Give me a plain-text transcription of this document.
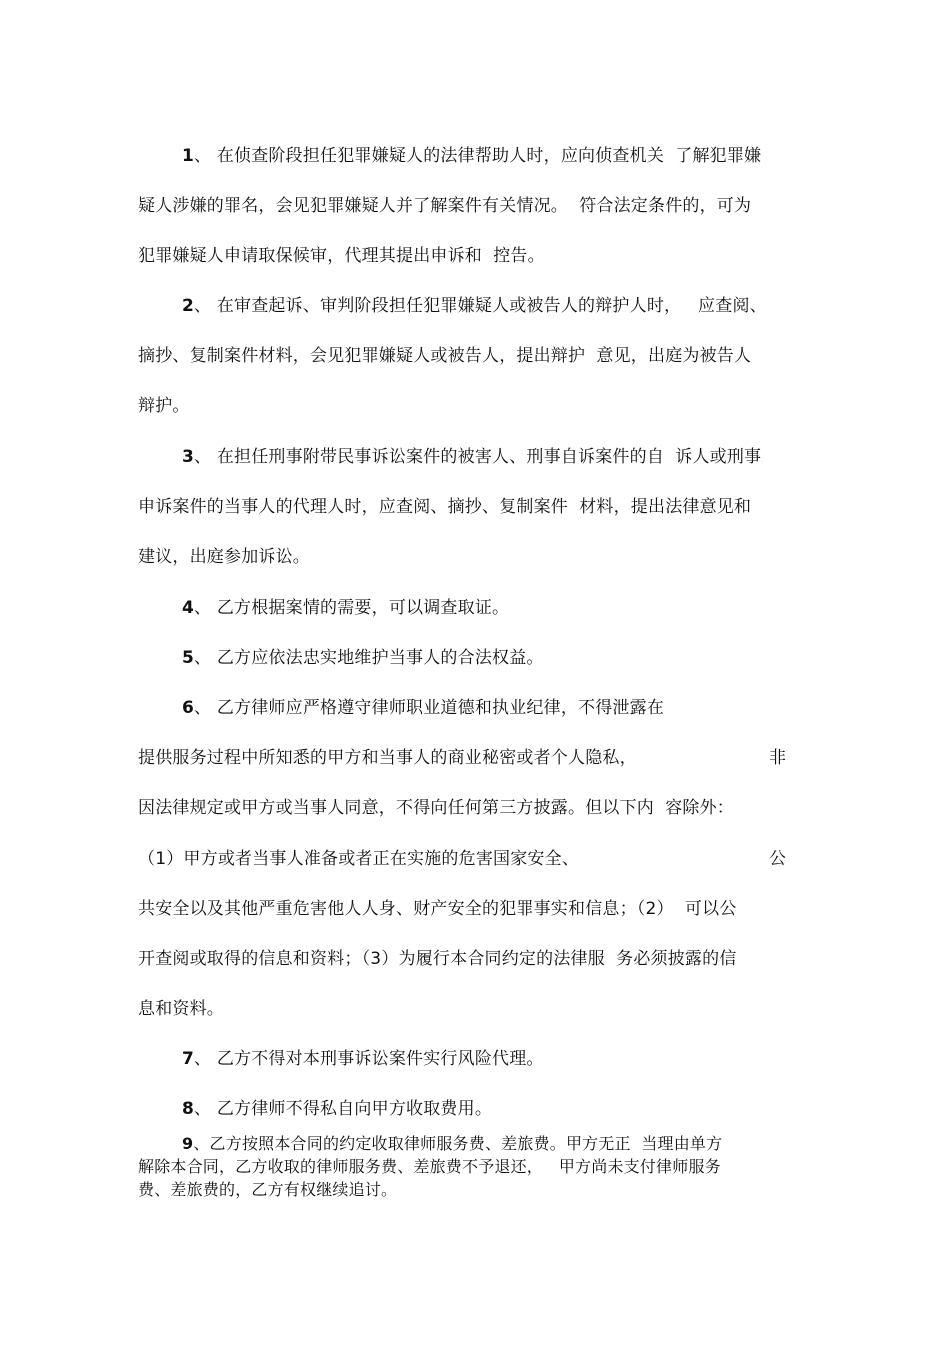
1、 在侦查阶段担任犯罪嫌疑人的法律帮助人时，应向侦查机关  了解犯罪嫌
疑人涉嫌的罪名，会见犯罪嫌疑人并了解案件有关情况。  符合法定条件的，可为
犯罪嫌疑人申请取保候审，代理其提出申诉和  控告。
2、 在审查起诉、审判阶段担任犯罪嫌疑人或被告人的辩护人时，   应查阅、
摘抄、复制案件材料，会见犯罪嫌疑人或被告人，提出辩护  意见，出庭为被告人
辩护。
3、 在担任刑事附带民事诉讼案件的被害人、刑事自诉案件的自  诉人或刑事
申诉案件的当事人的代理人时，应查阅、摘抄、复制案件  材料，提出法律意见和
建议，出庭参加诉讼。
4、 乙方根据案情的需要，可以调查取证。
5、 乙方应依法忠实地维护当事人的合法权益。
6、 乙方律师应严格遵守律师职业道德和执业纪律，不得泄露在
提供服务过程中所知悉的甲方和当事人的商业秘密或者个人隐私，	非
因法律规定或甲方或当事人同意，不得向任何第三方披露。但以下内  容除外：
（1）甲方或者当事人准备或者正在实施的危害国家安全、	公
共安全以及其他严重危害他人人身、财产安全的犯罪事实和信息；（2）  可以公
开查阅或取得的信息和资料；（3）为履行本合同约定的法律服  务必须披露的信
息和资料。
7、 乙方不得对本刑事诉讼案件实行风险代理。
8、 乙方律师不得私自向甲方收取费用。
9、乙方按照本合同的约定收取律师服务费、差旅费。甲方无正  当理由单方
解除本合同，乙方收取的律师服务费、差旅费不予退还，   甲方尚未支付律师服务
费、差旅费的，乙方有权继续追讨。
